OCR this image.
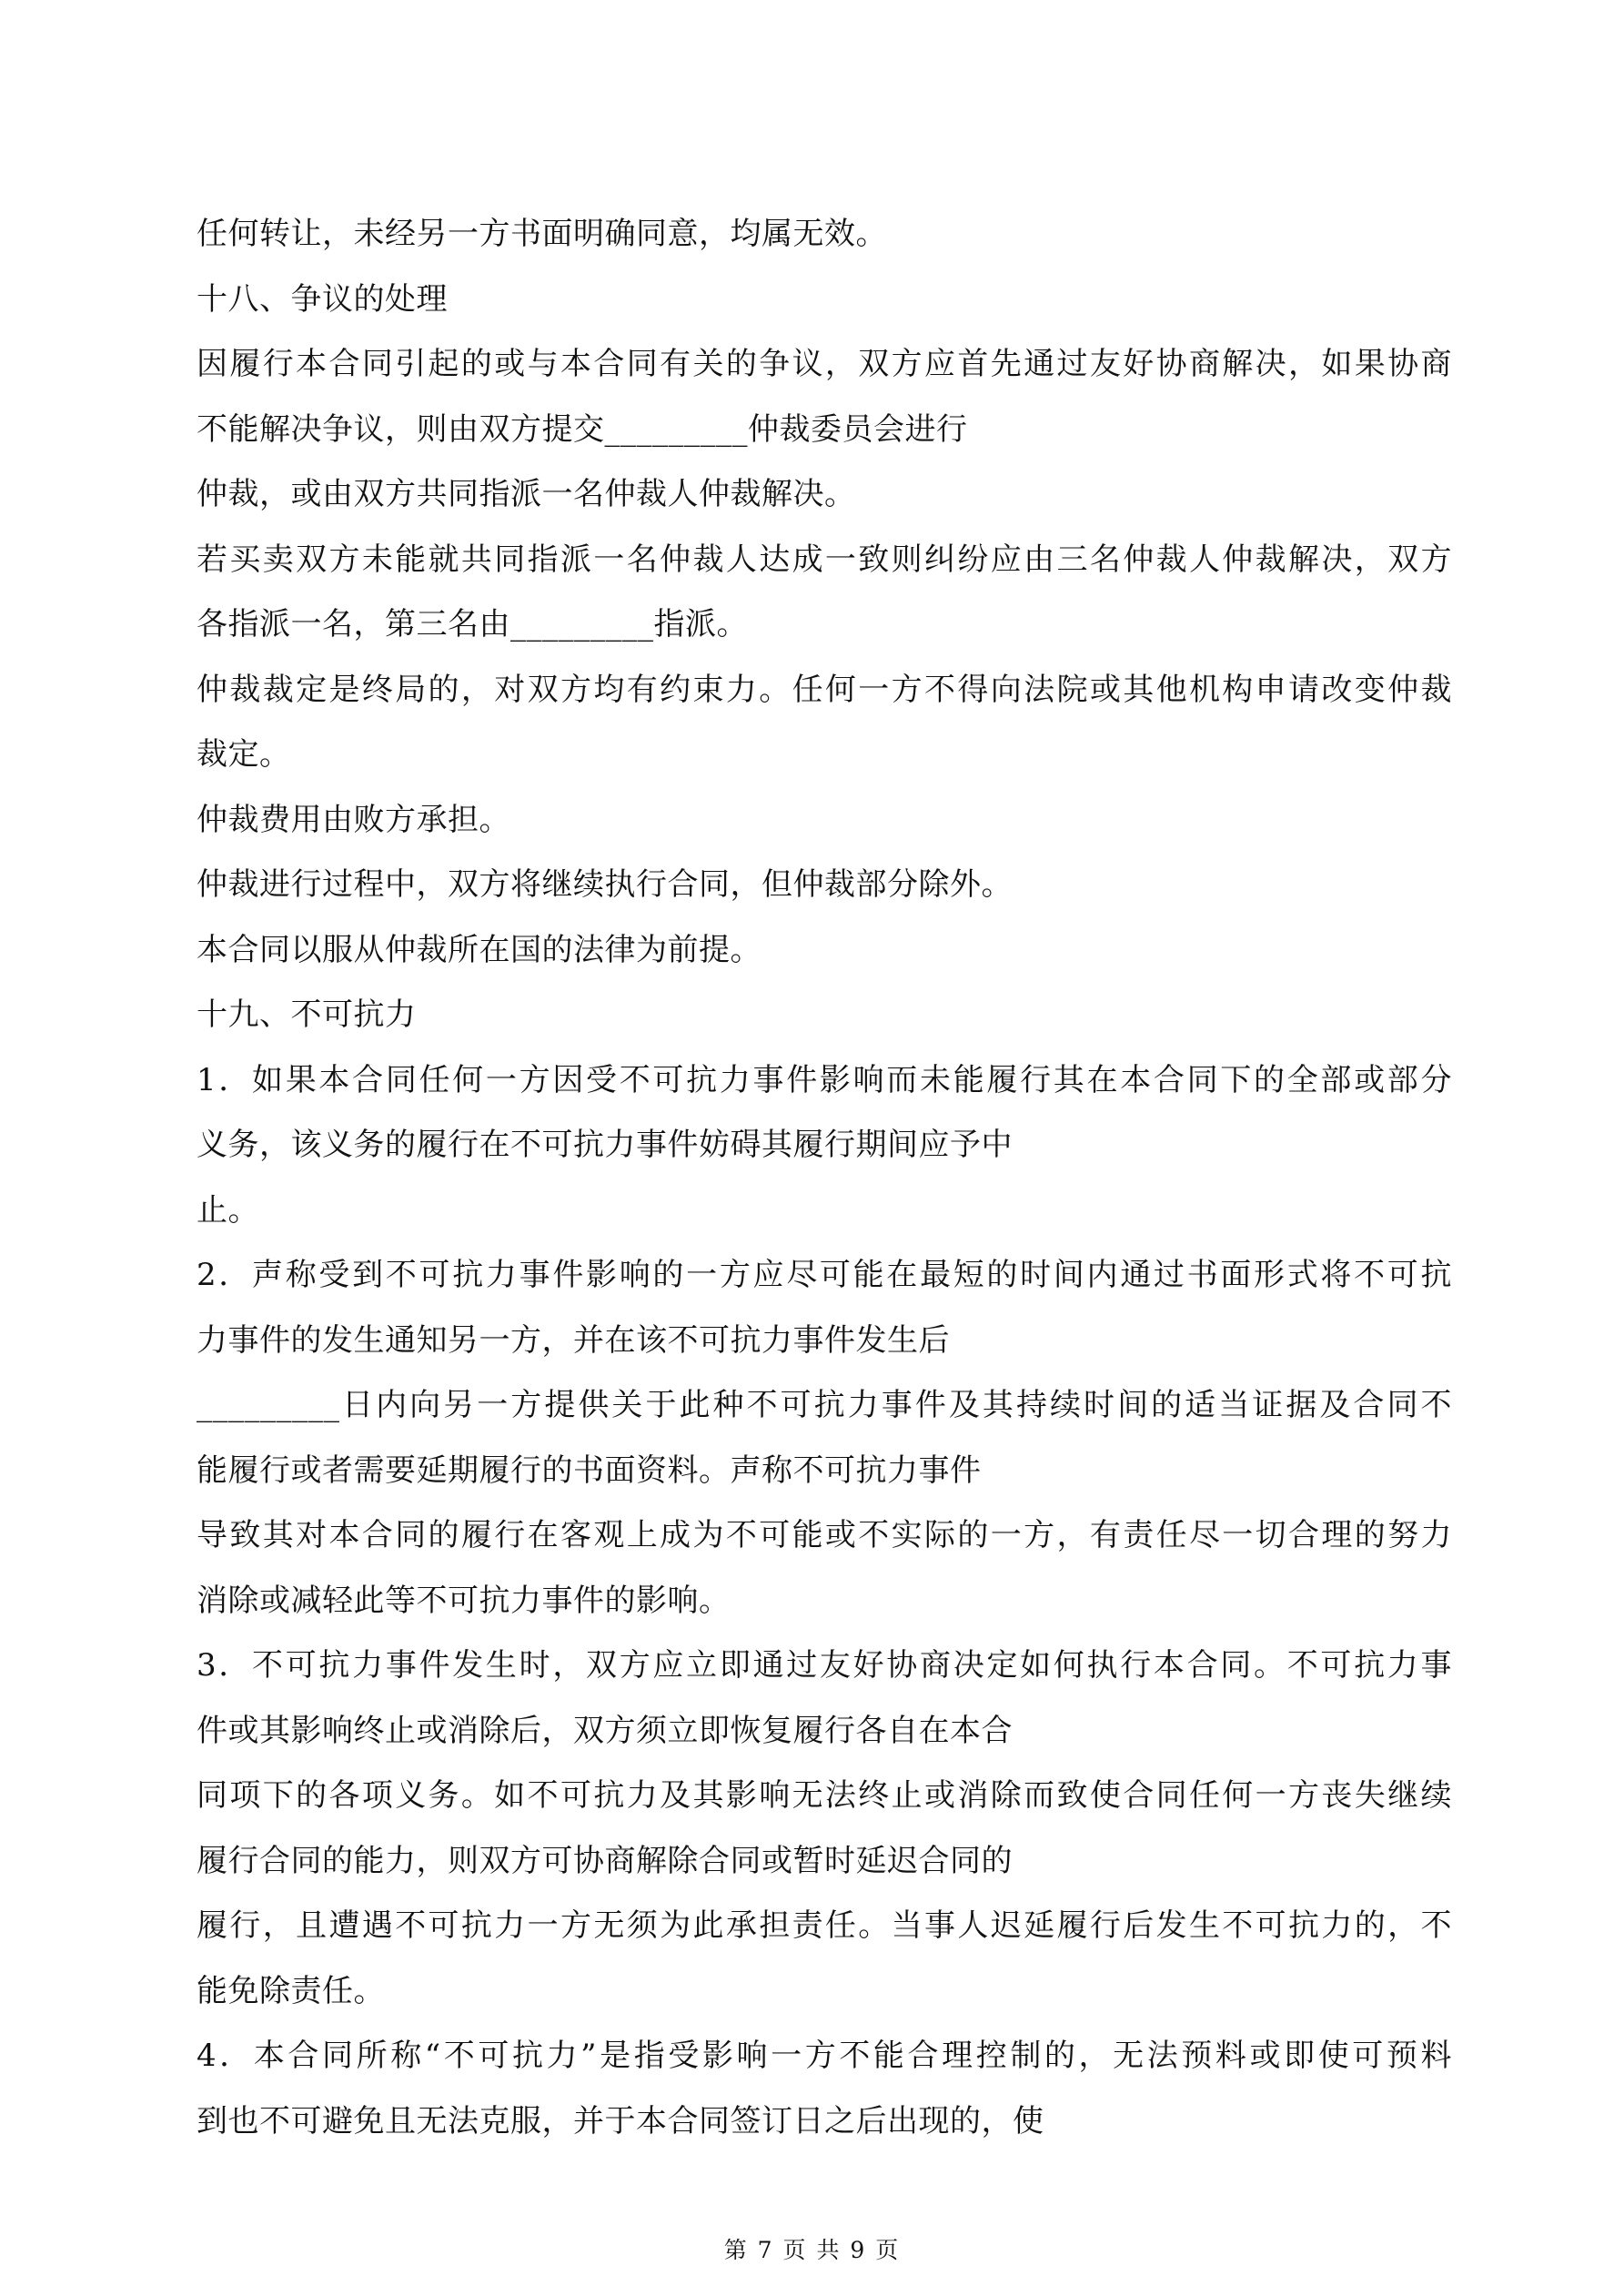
任何转让，未经另一方书面明确同意，均属无效。
十八、争议的处理
因履行本合同引起的或与本合同有关的争议，双方应首先通过友好协商解决，如果协商
不能解决争议，则由双方提交_________仲裁委员会进行
仲裁，或由双方共同指派一名仲裁人仲裁解决。
若买卖双方未能就共同指派一名仲裁人达成一致则纠纷应由三名仲裁人仲裁解决，双方
各指派一名，第三名由_________指派。
仲裁裁定是终局的，对双方均有约束力。任何一方不得向法院或其他机构申请改变仲裁
裁定。
仲裁费用由败方承担。
仲裁进行过程中，双方将继续执行合同，但仲裁部分除外。
本合同以服从仲裁所在国的法律为前提。
十九、不可抗力
1．如果本合同任何一方因受不可抗力事件影响而未能履行其在本合同下的全部或部分
义务，该义务的履行在不可抗力事件妨碍其履行期间应予中
止。
2．声称受到不可抗力事件影响的一方应尽可能在最短的时间内通过书面形式将不可抗
力事件的发生通知另一方，并在该不可抗力事件发生后
_________日内向另一方提供关于此种不可抗力事件及其持续时间的适当证据及合同不
能履行或者需要延期履行的书面资料。声称不可抗力事件
导致其对本合同的履行在客观上成为不可能或不实际的一方，有责任尽一切合理的努力
消除或减轻此等不可抗力事件的影响。
3．不可抗力事件发生时，双方应立即通过友好协商决定如何执行本合同。不可抗力事
件或其影响终止或消除后，双方须立即恢复履行各自在本合
同项下的各项义务。如不可抗力及其影响无法终止或消除而致使合同任何一方丧失继续
履行合同的能力，则双方可协商解除合同或暂时延迟合同的
履行，且遭遇不可抗力一方无须为此承担责任。当事人迟延履行后发生不可抗力的，不
能免除责任。
4．本合同所称“不可抗力”是指受影响一方不能合理控制的，无法预料或即使可预料
到也不可避免且无法克服，并于本合同签订日之后出现的，使
第 7 页 共 9 页
